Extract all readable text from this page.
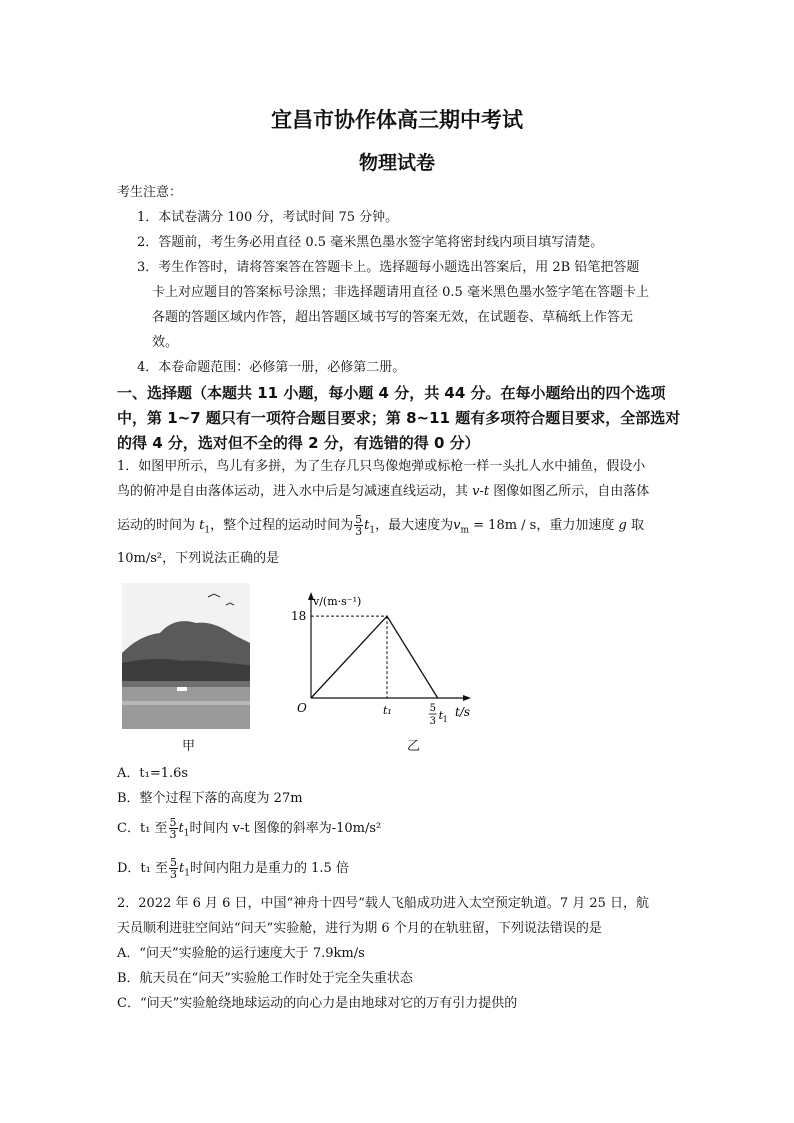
宜昌市协作体高三期中考试
物理试卷
考生注意：
1．本试卷满分 100 分，考试时间 75 分钟。
2．答题前，考生务必用直径 0.5 毫米黑色墨水签字笔将密封线内项目填写清楚。
3．考生作答时，请将答案答在答题卡上。选择题每小题选出答案后，用 2B 铅笔把答题
卡上对应题目的答案标号涂黑；非选择题请用直径 0.5 毫米黑色墨水签字笔在答题卡上
各题的答题区域内作答，超出答题区域书写的答案无效，在试题卷、草稿纸上作答无
效。
4．本卷命题范围：必修第一册，必修第二册。
一、选择题（本题共 11 小题，每小题 4 分，共 44 分。在每小题给出的四个选项
中，第 1~7 题只有一项符合题目要求；第 8~11 题有多项符合题目要求，全部选对
的得 4 分，选对但不全的得 2 分，有选错的得 0 分）
1．如图甲所示，鸟儿有多拼，为了生存几只鸟像炮弹或标枪一样一头扎人水中捕鱼，假设小
鸟的俯冲是自由落体运动，进入水中后是匀减速直线运动，其 v-t 图像如图乙所示，自由落体
运动的时间为 $t_1$，整个过程的运动时间为 $\frac{5}{3} t_1$，最大速度为$v_m = 18m / s$，重力加速度 g 取
10m/s²，下列说法正确的是
甲
v/(m·s⁻¹)
t/s
O	t₁
18
5
3 t 1
乙
A．t₁=1.6s
B．整个过程下落的高度为 27m
C．t₁ 至 $\frac{5}{3} t_1$时间内 v-t 图像的斜率为-10m/s²
D．t₁ 至 $\frac{5}{3} t_1$时间内阻力是重力的 1.5 倍
2．2022 年 6 月 6 日，中国“神舟十四号”载人飞船成功进入太空预定轨道。7 月 25 日，航
天员顺利进驻空间站“问天”实验舱，进行为期 6 个月的在轨驻留，下列说法错误的是
A．“问天”实验舱的运行速度大于 7.9km/s
B．航天员在“问天”实验舱工作时处于完全失重状态
C．“问天”实验舱绕地球运动的向心力是由地球对它的万有引力提供的
